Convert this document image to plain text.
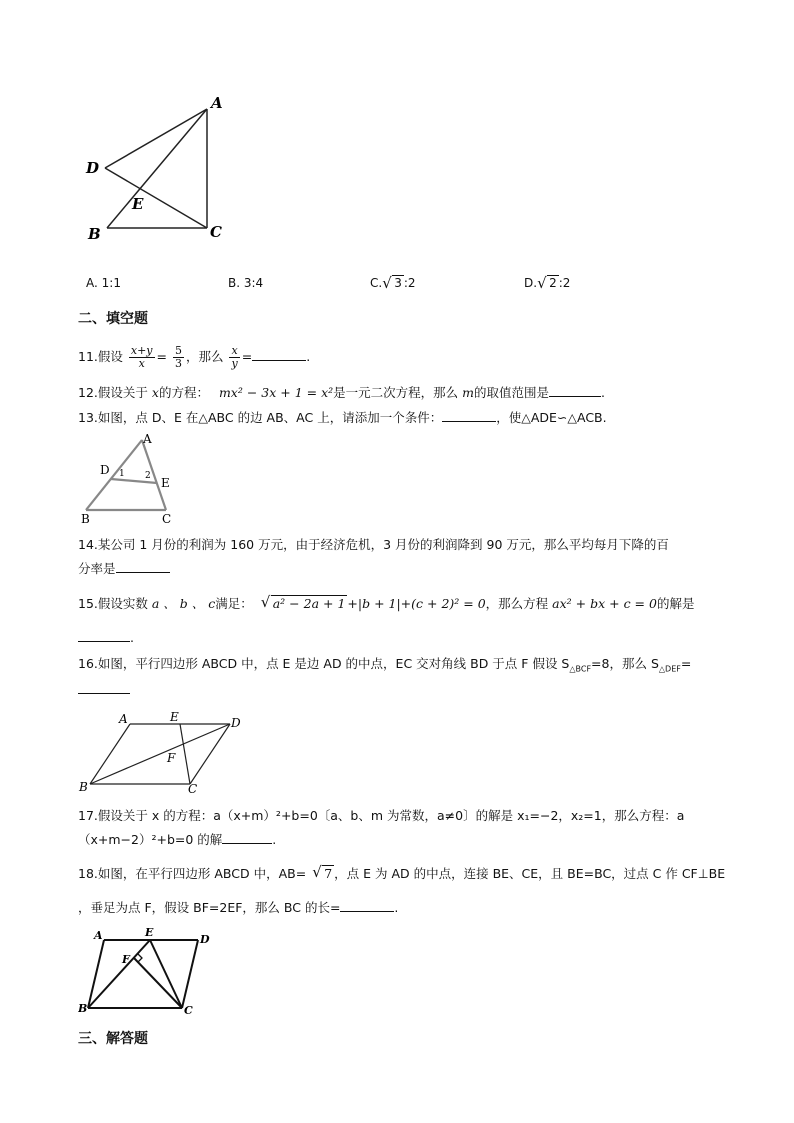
A
D
E
B	C
A. 1:1	B. 3:4	C. √ 3 :2	D. √ 2 :2
二、填空题
11.假设 $\frac{x+y}{x} = \frac{5}{3}$ ，那么 $\frac{x}{y}$ =	.
12.假设关于 x的方程： mx² − 3x + 1 = x²是一元二次方程，那么 m的取值范围是	.
13.如图，点 D、E 在△ABC 的边 AB、AC 上，请添加一个条件：	，使△ADE∽△ACB.
A
D 1 2 E
B	C
14.某公司 1 月份的利润为 160 万元，由于经济危机，3 月份的利润降到 90 万元，那么平均每月下降的百
分率是
15.假设实数 a 、 b 、 c满足： √ a² − 2a + 1 +|b + 1|+(c + 2)² = 0，那么方程 ax² + bx + c = 0的解是
.
16.如图，平行四边形 ABCD 中，点 E 是边 AD 的中点，EC 交对角线 BD 于点 F 假设 $S_{\triangle BCF}=8$，那么 $S_{\triangle DEF}=$
A	E	D
F
B	C
17.假设关于 x 的方程：a（x+m）²+b=0〔a、b、m 为常数，a≠0〕的解是 x₁=−2，x₂=1，那么方程：a
（x+m−2）²+b=0 的解	.
18.如图，在平行四边形 ABCD 中，AB= √ 7 ，点 E 为 AD 的中点，连接 BE、CE，且 BE=BC，过点 C 作 CF⊥BE
，垂足为点 F，假设 BF=2EF，那么 BC 的长=	.
A	E
D
F
B	C
三、解答题
